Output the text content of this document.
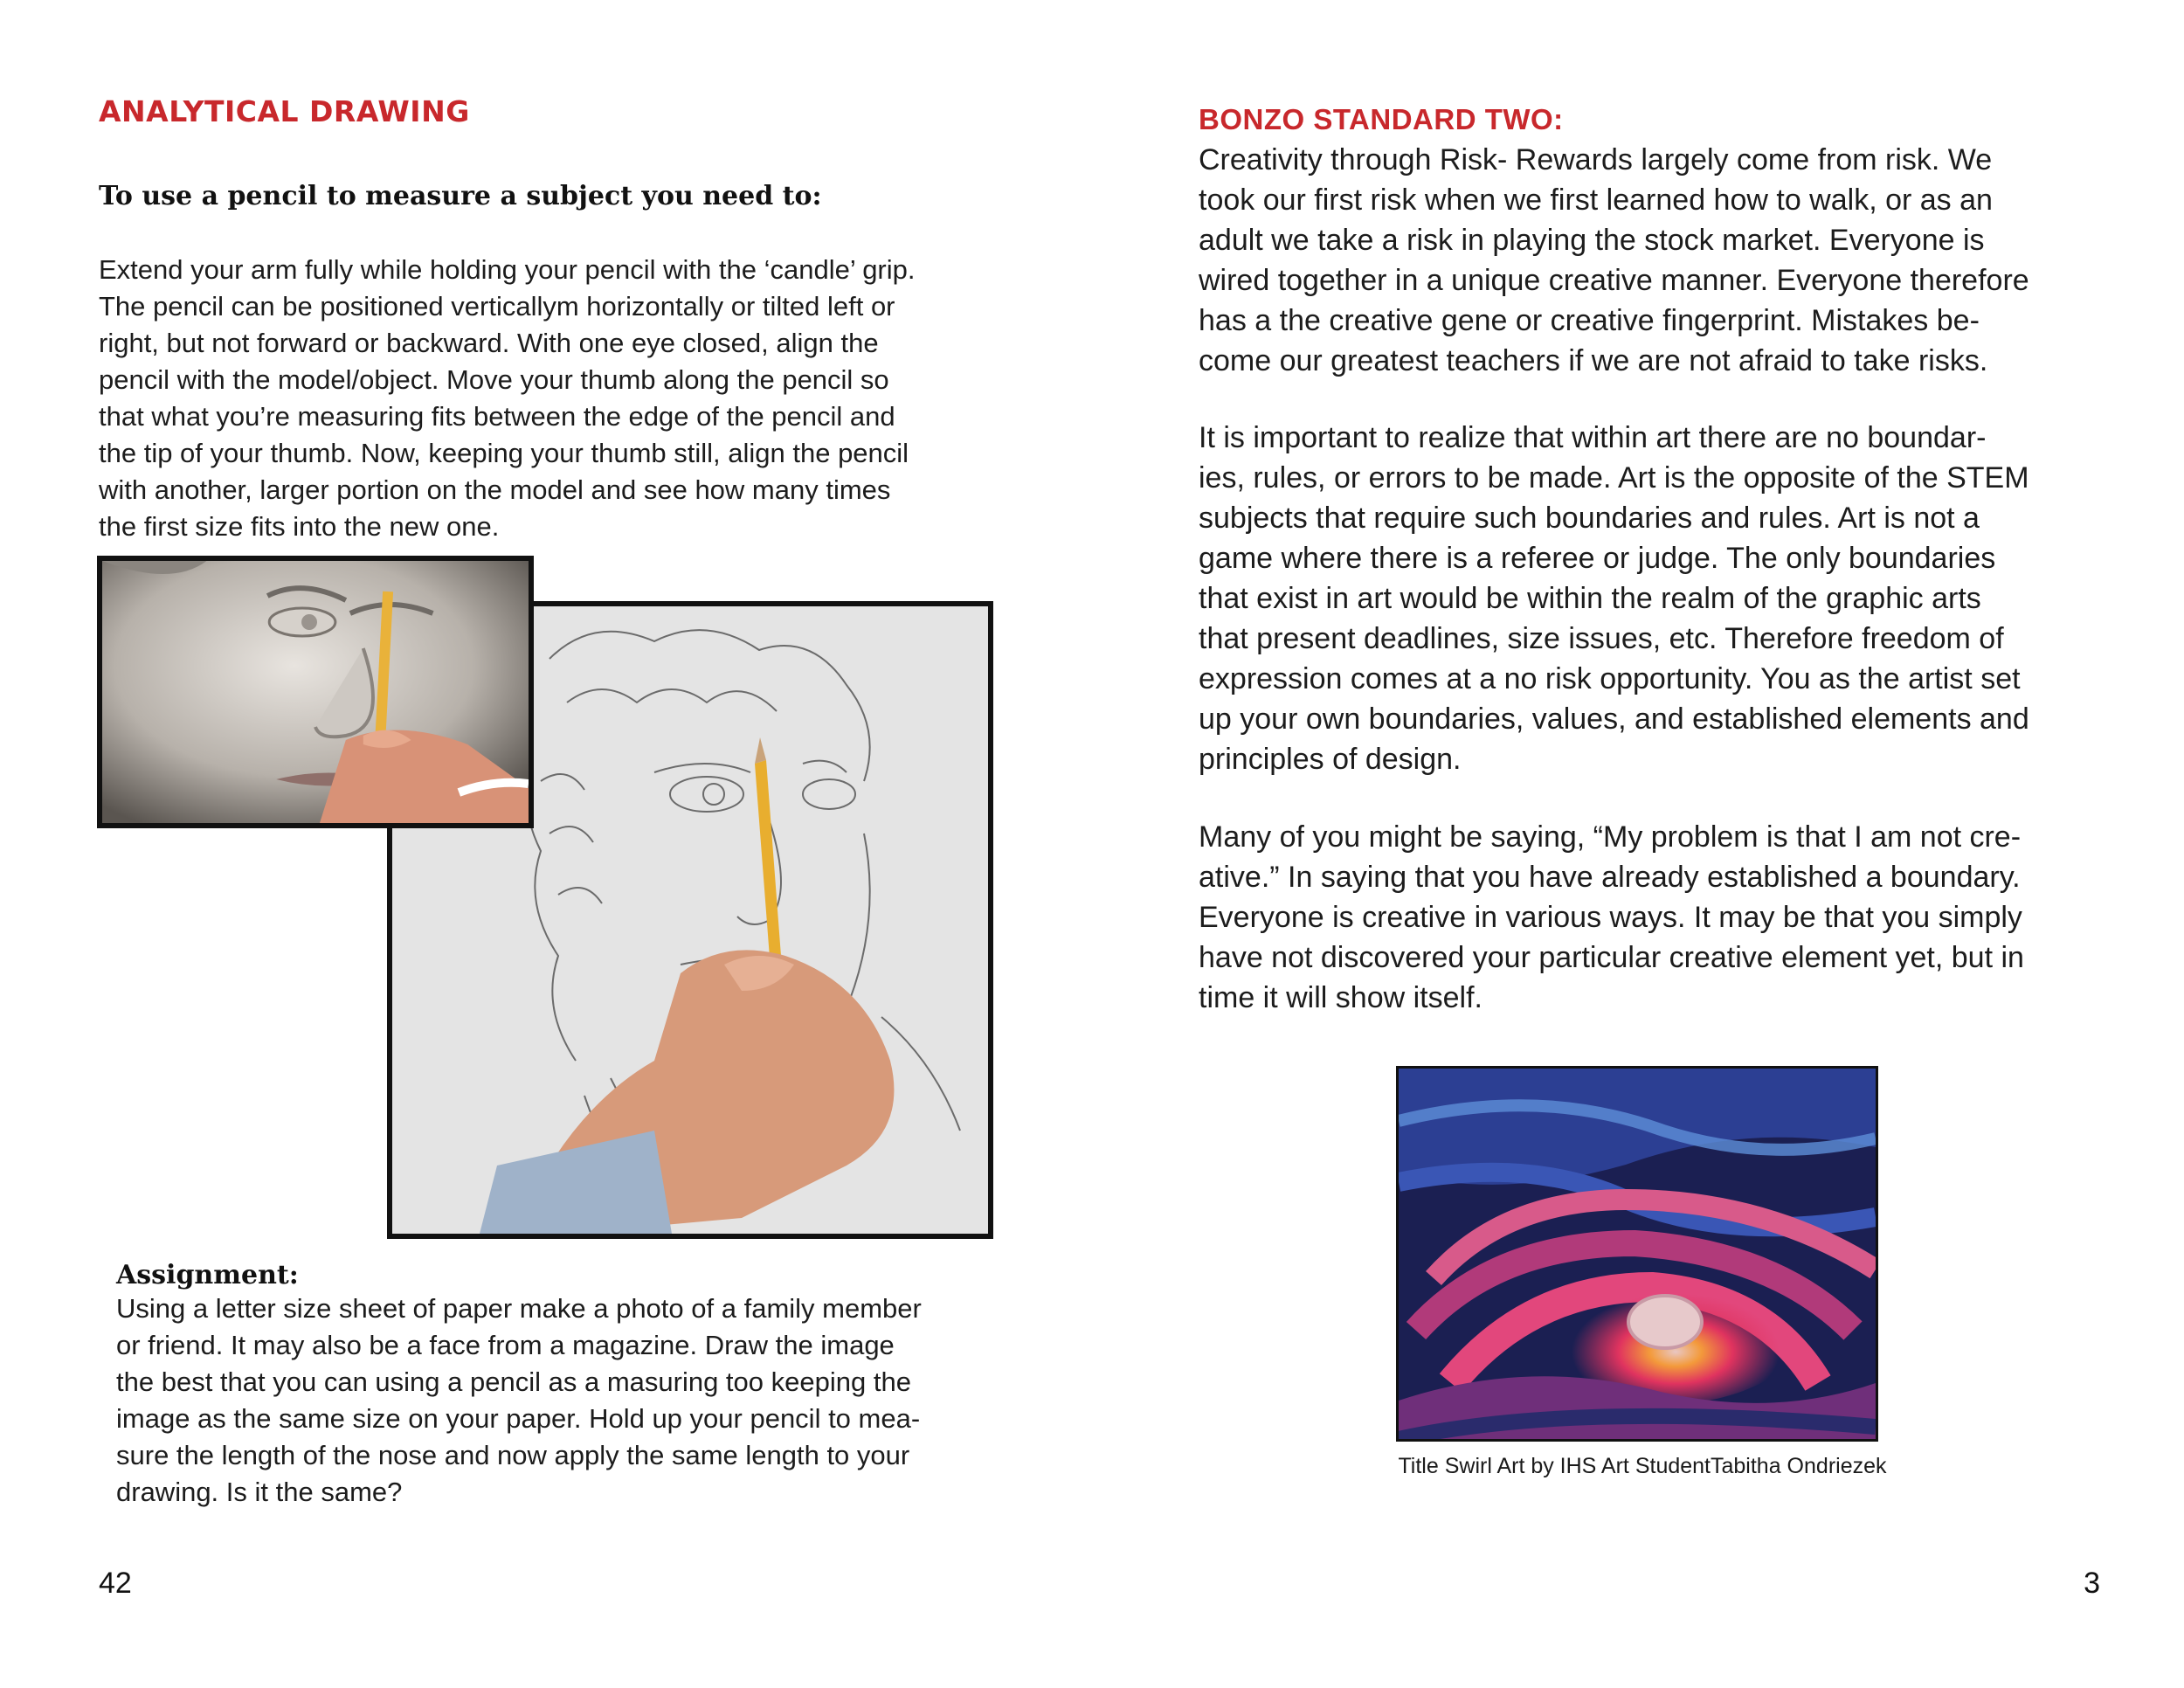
ANALYTICAL DRAWING
To use a pencil to measure a subject you need to:
Extend your arm fully while holding your pencil with the ‘candle’ grip.
The pencil can be positioned verticallym horizontally or tilted left or
right, but not forward or backward. With one eye closed, align the
pencil with the model/object. Move your thumb along the pencil so
that what you’re measuring fits between the edge of the pencil and
the tip of your thumb. Now, keeping your thumb still, align the pencil
with another, larger portion on the model and see how many times
the first size fits into the new one.
Assignment:
Using a letter size sheet of paper make a photo of a family member
or friend. It may also be a face from a magazine. Draw the image
the best that you can using a pencil as a masuring too keeping the
image as the same size on your paper. Hold up your pencil to mea-
sure the length of the nose and now apply the same length to your
drawing. Is it the same?
42
BONZO STANDARD TWO:
Creativity through Risk- Rewards largely come from risk. We
took our first risk when we first learned how to walk, or as an
adult we take a risk in playing the stock market. Everyone is
wired together in a unique creative manner. Everyone therefore
has a the creative gene or creative fingerprint. Mistakes be-
come our greatest teachers if we are not afraid to take risks.
It is important to realize that within art there are no boundar-
ies, rules, or errors to be made. Art is the opposite of the STEM
subjects that require such boundaries and rules. Art is not a
game where there is a referee or judge. The only boundaries
that exist in art would be within the realm of the graphic arts
that present deadlines, size issues, etc. Therefore freedom of
expression comes at a no risk opportunity. You as the artist set
up your own boundaries, values, and established elements and
principles of design.
Many of you might be saying, “My problem is that I am not cre-
ative.” In saying that you have already established a boundary.
Everyone is creative in various ways. It may be that you simply
have not discovered your particular creative element yet, but in
time it will show itself.
Title Swirl Art by IHS Art StudentTabitha Ondriezek
3
